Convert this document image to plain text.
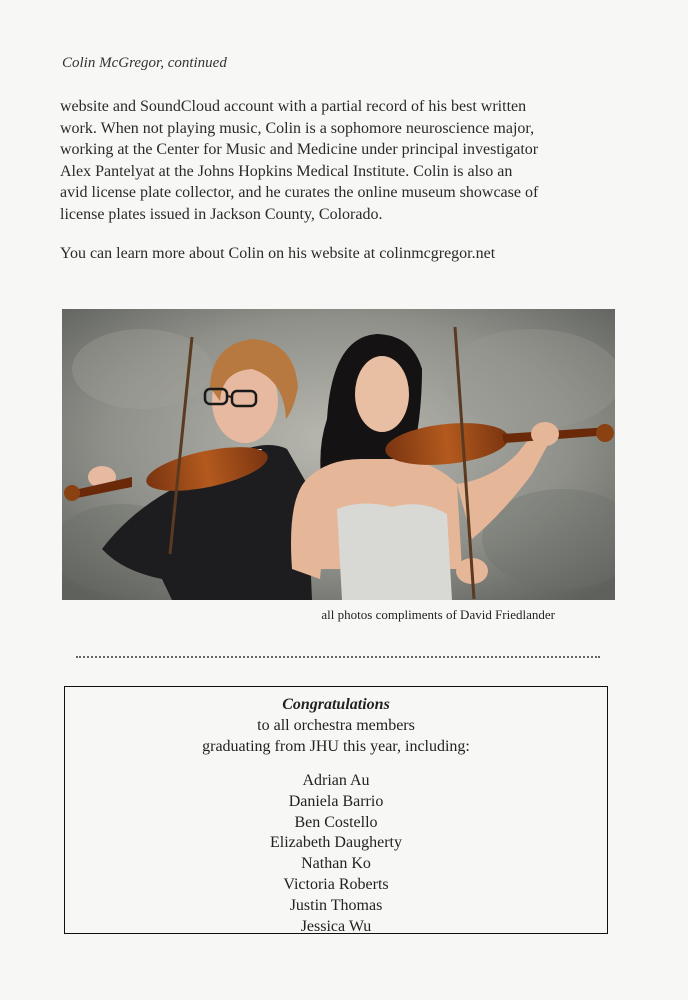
Colin McGregor, continued

website and SoundCloud account with a partial record of his best written work. When not playing music, Colin is a sophomore neuroscience major, working at the Center for Music and Medicine under principal investigator Alex Pantelyat at the Johns Hopkins Medical Institute. Colin is also an avid license plate collector, and he curates the online museum showcase of license plates issued in Jackson County, Colorado.

You can learn more about Colin on his website at colinmcgregor.net

all photos compliments of David Friedlander
Congratulations
to all orchestra members
graduating from JHU this year, including:
Adrian Au
Daniela Barrio
Ben Costello
Elizabeth Daugherty
Nathan Ko
Victoria Roberts
Justin Thomas
Jessica Wu
